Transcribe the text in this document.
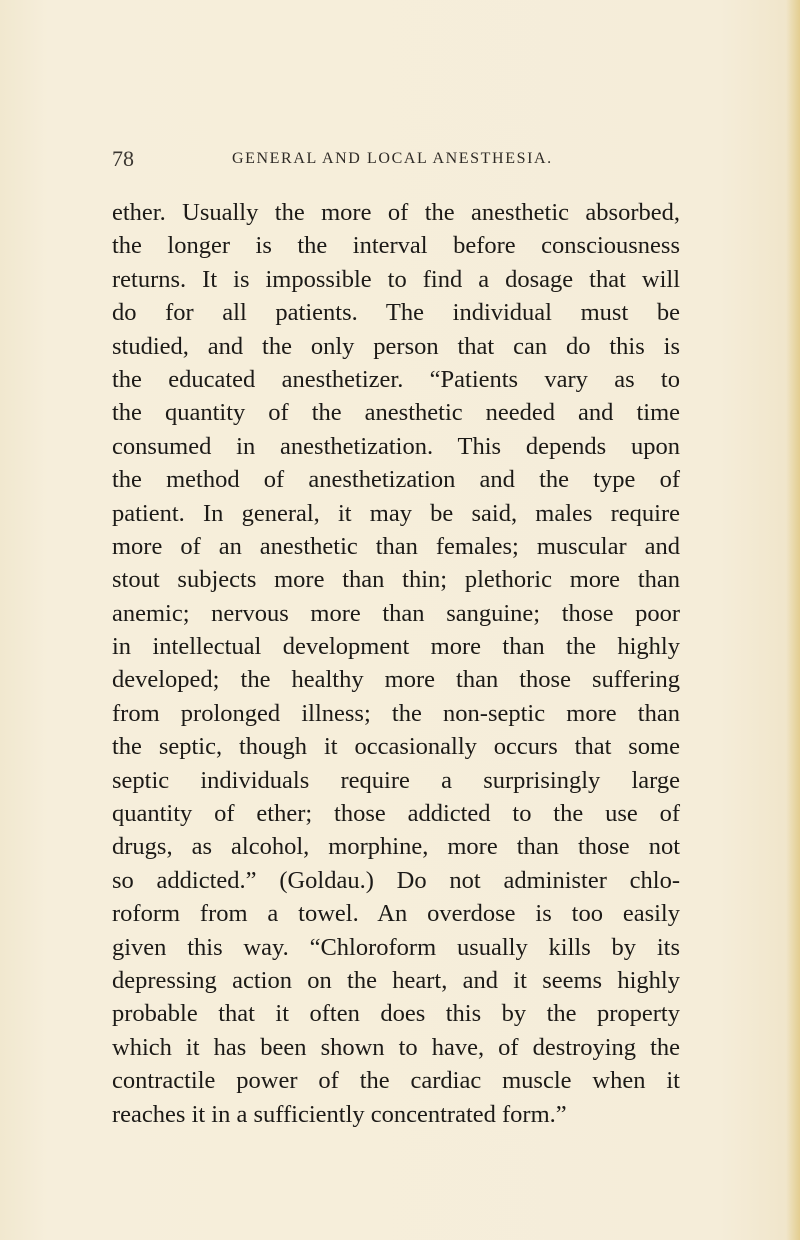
78	GENERAL AND LOCAL ANESTHESIA.
ether. Usually the more of the anesthetic absorbed,
the longer is the interval before consciousness
returns. It is impossible to find a dosage that will
do for all patients. The individual must be
studied, and the only person that can do this is
the educated anesthetizer. “Patients vary as to
the quantity of the anesthetic needed and time
consumed in anesthetization. This depends upon
the method of anesthetization and the type of
patient. In general, it may be said, males require
more of an anesthetic than females; muscular and
stout subjects more than thin; plethoric more than
anemic; nervous more than sanguine; those poor
in intellectual development more than the highly
developed; the healthy more than those suffering
from prolonged illness; the non-septic more than
the septic, though it occasionally occurs that some
septic individuals require a surprisingly large
quantity of ether; those addicted to the use of
drugs, as alcohol, morphine, more than those not
so addicted.” (Goldau.) Do not administer chlo-
roform from a towel. An overdose is too easily
given this way. “Chloroform usually kills by its
depressing action on the heart, and it seems highly
probable that it often does this by the property
which it has been shown to have, of destroying the
contractile power of the cardiac muscle when it
reaches it in a sufficiently concentrated form.”
